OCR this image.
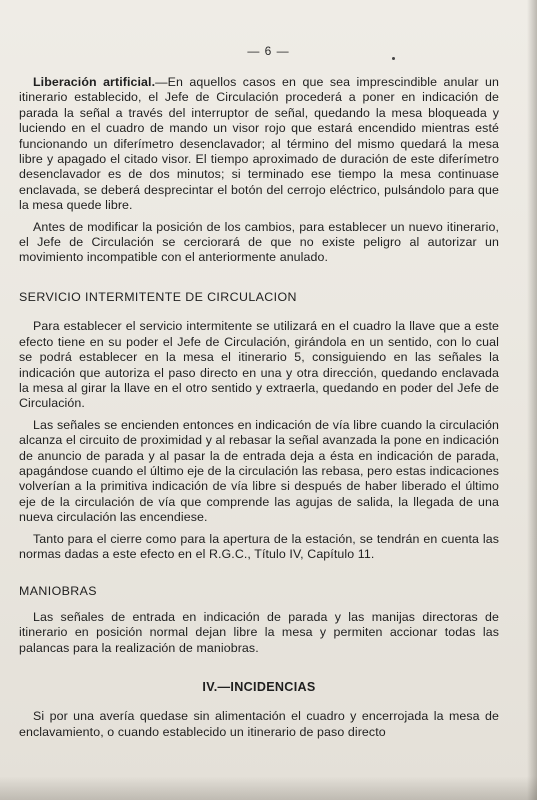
— 6 —

Liberación artificial.—En aquellos casos en que sea imprescindible anular un itinerario establecido, el Jefe de Circulación procederá a poner en indicación de parada la señal a través del interruptor de señal, quedando la mesa bloqueada y luciendo en el cuadro de mando un visor rojo que estará encendido mientras esté funcionando un diferímetro desenclavador; al término del mismo quedará la mesa libre y apagado el citado visor. El tiempo aproximado de duración de este diferímetro desenclavador es de dos minutos; si terminado ese tiempo la mesa continuase enclavada, se deberá desprecintar el botón del cerrojo eléctrico, pulsándolo para que la mesa quede libre.

Antes de modificar la posición de los cambios, para establecer un nuevo itinerario, el Jefe de Circulación se cerciorará de que no existe peligro al autorizar un movimiento incompatible con el anteriormente anulado.

SERVICIO INTERMITENTE DE CIRCULACION

Para establecer el servicio intermitente se utilizará en el cuadro la llave que a este efecto tiene en su poder el Jefe de Circulación, girándola en un sentido, con lo cual se podrá establecer en la mesa el itinerario 5, consiguiendo en las señales la indicación que autoriza el paso directo en una y otra dirección, quedando enclavada la mesa al girar la llave en el otro sentido y extraerla, quedando en poder del Jefe de Circulación.

Las señales se encienden entonces en indicación de vía libre cuando la circulación alcanza el circuito de proximidad y al rebasar la señal avanzada la pone en indicación de anuncio de parada y al pasar la de entrada deja a ésta en indicación de parada, apagándose cuando el último eje de la circulación las rebasa, pero estas indicaciones volverían a la primitiva indicación de vía libre si después de haber liberado el último eje de la circulación de vía que comprende las agujas de salida, la llegada de una nueva circulación las encendiese.

Tanto para el cierre como para la apertura de la estación, se tendrán en cuenta las normas dadas a este efecto en el R.G.C., Título IV, Capítulo 11.

MANIOBRAS

Las señales de entrada en indicación de parada y las manijas directoras de itinerario en posición normal dejan libre la mesa y permiten accionar todas las palancas para la realización de maniobras.

IV.—INCIDENCIAS

Si por una avería quedase sin alimentación el cuadro y encerrojada la mesa de enclavamiento, o cuando establecido un itinerario de paso directo
